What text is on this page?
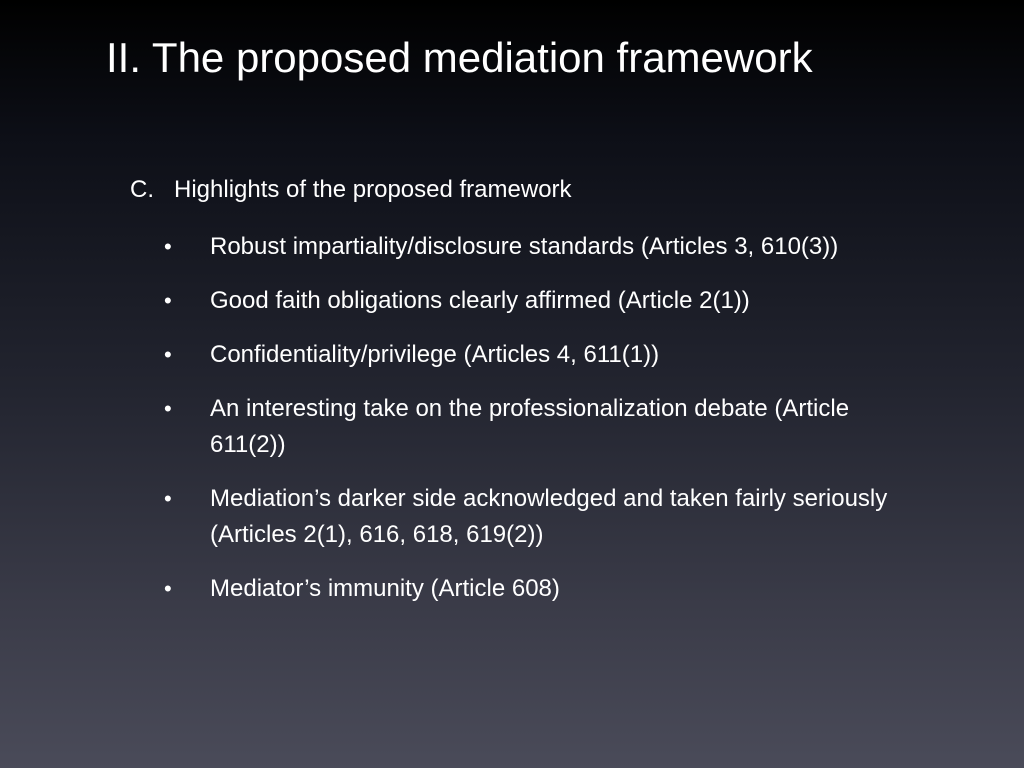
II. The proposed mediation framework

C. Highlights of the proposed framework

• Robust impartiality/disclosure standards (Articles 3, 610(3))
• Good faith obligations clearly affirmed (Article 2(1))
• Confidentiality/privilege (Articles 4, 611(1))
• An interesting take on the professionalization debate (Article 611(2))
• Mediation’s darker side acknowledged and taken fairly seriously (Articles 2(1), 616, 618, 619(2))
• Mediator’s immunity (Article 608)
